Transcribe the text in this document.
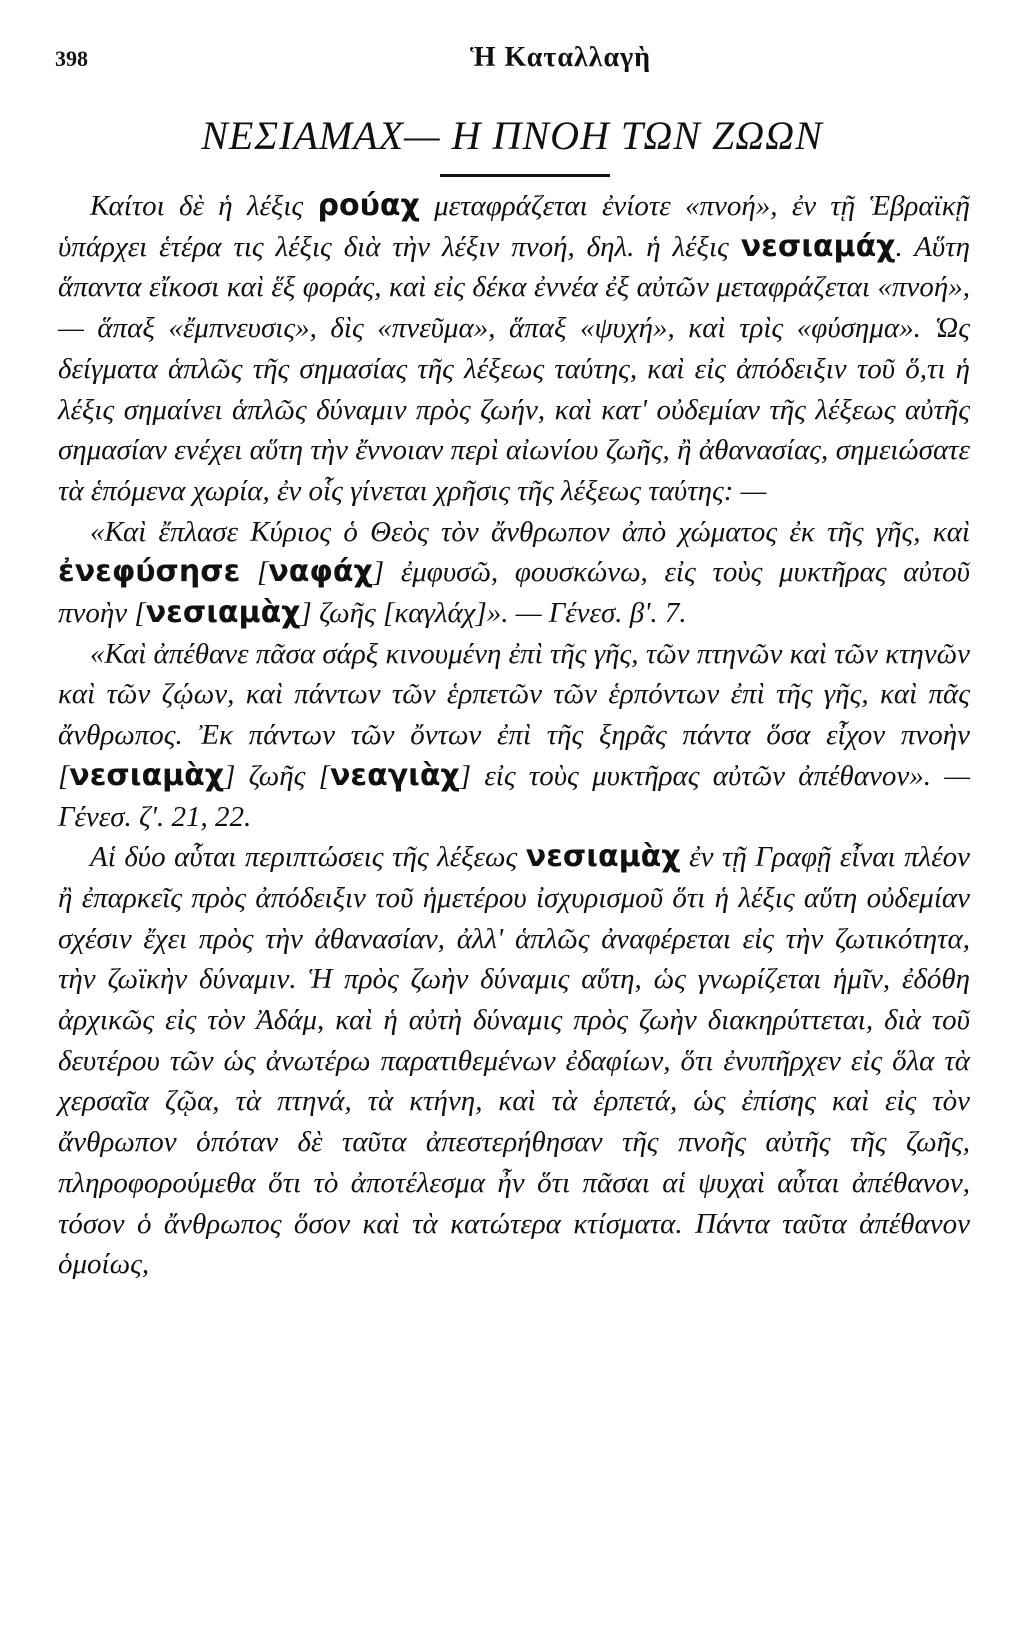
398	Ἡ Καταλλαγὴ
ΝΕΣΙΑΜΑΧ— Η ΠΝΟΗ ΤΩΝ ΖΩΩΝ

Καίτοι δὲ ἡ λέξις ρούαχ μεταφράζεται ἐνίοτε «πνοή», ἐν τῇ Ἑβραϊκῇ ὑπάρχει ἑτέρα τις λέξις διὰ τὴν λέξιν πνοή, δηλ. ἡ λέξις νεσιαμάχ. Αὕτη ἅπαντα εἴκοσι καὶ ἕξ φοράς, καὶ εἰς δέκα ἐννέα ἐξ αὐτῶν μεταφράζεται «πνοή», — ἅπαξ «ἔμπνευσις», δὶς «πνεῦμα», ἅπαξ «ψυχή», καὶ τρὶς «φύσημα». Ὡς δείγματα ἁπλῶς τῆς σημασίας τῆς λέξεως ταύτης, καὶ εἰς ἀπόδειξιν τοῦ ὅ,τι ἡ λέξις σημαίνει ἁπλῶς δύναμιν πρὸς ζωήν, καὶ κατ' οὐδεμίαν τῆς λέξεως αὐτῆς σημασίαν ενέχει αὕτη τὴν ἔννοιαν περὶ αἰωνίου ζωῆς, ἢ ἀθανασίας, σημειώσατε τὰ ἑπόμενα χωρία, ἐν οἷς γίνεται χρῆσις τῆς λέξεως ταύτης: —

«Καὶ ἔπλασε Κύριος ὁ Θεὸς τὸν ἄνθρωπον ἀπὸ χώματος ἐκ τῆς γῆς, καὶ ἐνεφύσησε [ναφάχ] ἐμφυσῶ, φουσκώνω, εἰς τοὺς μυκτῆρας αὐτοῦ πνοὴν [νεσιαμὰχ] ζωῆς [καγλάχ]». — Γένεσ. β'. 7.

«Καὶ ἀπέθανε πᾶσα σάρξ κινουμένη ἐπὶ τῆς γῆς, τῶν πτηνῶν καὶ τῶν κτηνῶν καὶ τῶν ζῴων, καὶ πάντων τῶν ἑρπετῶν τῶν ἑρπόντων ἐπὶ τῆς γῆς, καὶ πᾶς ἄνθρωπος. Ἐκ πάντων τῶν ὄντων ἐπὶ τῆς ξηρᾶς πάντα ὅσα εἶχον πνοὴν [νεσιαμὰχ] ζωῆς [νεαγιὰχ] εἰς τοὺς μυκτῆρας αὐτῶν ἀπέθανον». — Γένεσ. ζ'. 21, 22.

Αἱ δύο αὗται περιπτώσεις τῆς λέξεως νεσιαμὰχ ἐν τῇ Γραφῇ εἶναι πλέον ἢ ἐπαρκεῖς πρὸς ἀπόδειξιν τοῦ ἡμετέρου ἰσχυρισμοῦ ὅτι ἡ λέξις αὕτη οὐδεμίαν σχέσιν ἔχει πρὸς τὴν ἀθανασίαν, ἀλλ' ἁπλῶς ἀναφέρεται εἰς τὴν ζωτικότητα, τὴν ζωϊκὴν δύναμιν. Ἡ πρὸς ζωὴν δύναμις αὕτη, ὡς γνωρίζεται ἡμῖν, ἐδόθη ἀρχικῶς εἰς τὸν Ἀδάμ, καὶ ἡ αὐτὴ δύναμις πρὸς ζωὴν διακηρύττεται, διὰ τοῦ δευτέρου τῶν ὡς ἀνωτέρω παρατιθεμένων ἐδαφίων, ὅτι ἐνυπῆρχεν εἰς ὅλα τὰ χερσαῖα ζῷα, τὰ πτηνά, τὰ κτήνη, καὶ τὰ ἑρπετά, ὡς ἐπίσης καὶ εἰς τὸν ἄνθρωπον ὁπόταν δὲ ταῦτα ἀπεστερήθησαν τῆς πνοῆς αὐτῆς τῆς ζωῆς, πληροφορούμεθα ὅτι τὸ ἀποτέλεσμα ἦν ὅτι πᾶσαι αἱ ψυχαὶ αὗται ἀπέθανον, τόσον ὁ ἄνθρωπος ὅσον καὶ τὰ κατώτερα κτίσματα. Πάντα ταῦτα ἀπέθανον ὁμοίως,
